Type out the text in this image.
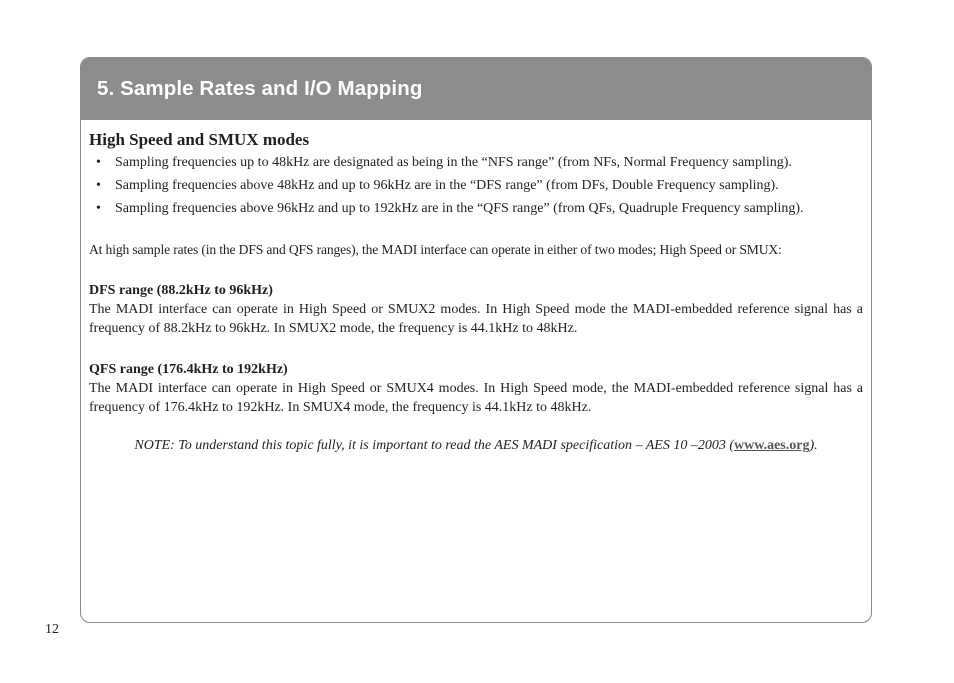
5. Sample Rates and I/O Mapping
High Speed and SMUX modes
• Sampling frequencies up to 48kHz are designated as being in the “NFS range” (from NFs, Normal Frequency sampling).
• Sampling frequencies above 48kHz and up to 96kHz are in the “DFS range” (from DFs, Double Frequency sampling).
• Sampling frequencies above 96kHz and up to 192kHz are in the “QFS range” (from QFs, Quadruple Frequency sampling).

At high sample rates (in the DFS and QFS ranges), the MADI interface can operate in either of two modes; High Speed or SMUX:

DFS range (88.2kHz to 96kHz)

The MADI interface can operate in High Speed or SMUX2 modes. In High Speed mode the MADI-embedded reference signal has a frequency of 88.2kHz to 96kHz. In SMUX2 mode, the frequency is 44.1kHz to 48kHz.

QFS range (176.4kHz to 192kHz)

The MADI interface can operate in High Speed or SMUX4 modes. In High Speed mode, the MADI-embedded reference signal has a frequency of 176.4kHz to 192kHz. In SMUX4 mode, the frequency is 44.1kHz to 48kHz.

NOTE: To understand this topic fully, it is important to read the AES MADI specification – AES 10 –2003 (www.aes.org).

12
